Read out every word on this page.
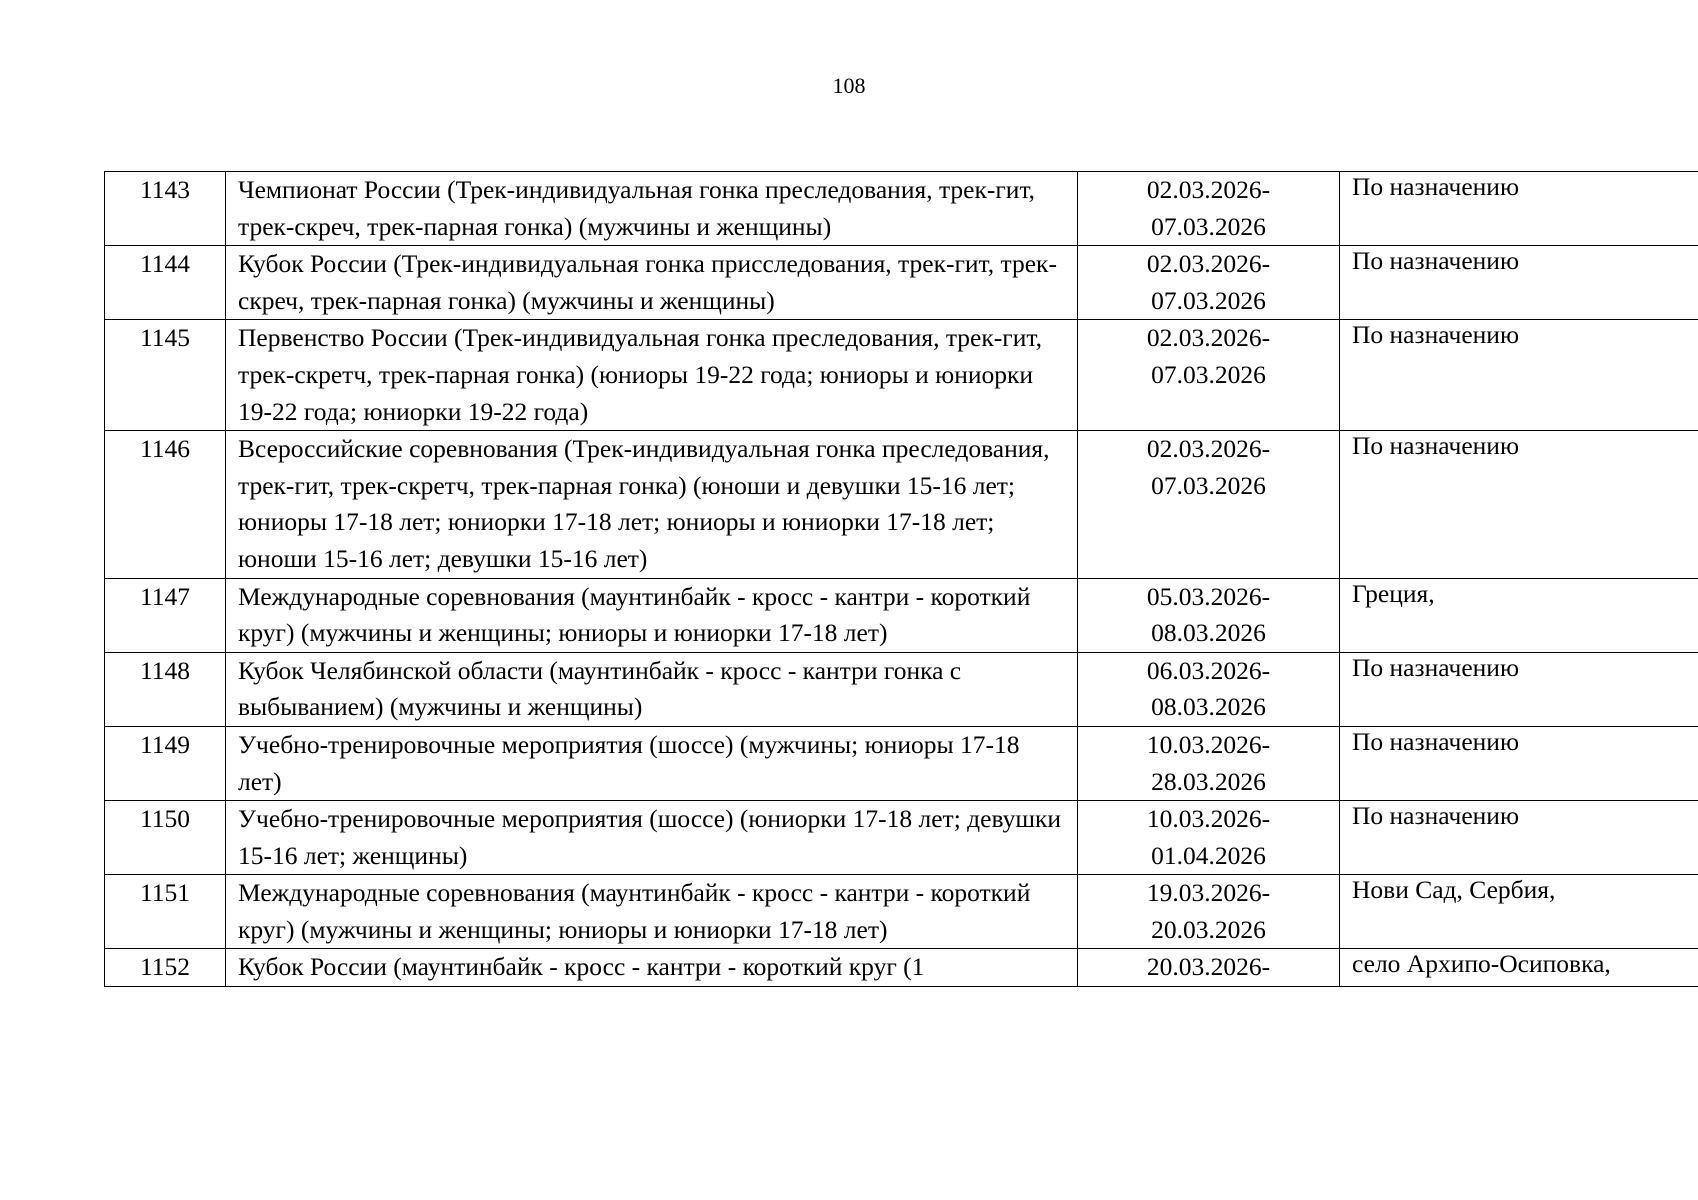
108
1143	Чемпионат России (Трек-индивидуальная гонка преследования, трек-гит, трек-скреч, трек-парная гонка) (мужчины и женщины)	02.03.2026-
07.03.2026	По назначению

1144	Кубок России (Трек-индивидуальная гонка присследования, трек-гит, трек-скреч, трек-парная гонка) (мужчины и женщины)	02.03.2026-
07.03.2026	По назначению

1145	Первенство России (Трек-индивидуальная гонка преследования, трек-гит, трек-скретч, трек-парная гонка) (юниоры 19-22 года; юниоры и юниорки 19-22 года; юниорки 19-22 года)	02.03.2026-
07.03.2026	По назначению

1146	Всероссийские соревнования (Трек-индивидуальная гонка преследования, трек-гит, трек-скретч, трек-парная гонка) (юноши и девушки 15-16 лет; юниоры 17-18 лет; юниорки 17-18 лет; юниоры и юниорки 17-18 лет; юноши 15-16 лет; девушки 15-16 лет)	02.03.2026-
07.03.2026	По назначению

1147	Международные соревнования (маунтинбайк - кросс - кантри - короткий круг) (мужчины и женщины; юниоры и юниорки 17-18 лет)	05.03.2026-
08.03.2026	Греция,

1148	Кубок Челябинской области (маунтинбайк - кросс - кантри гонка с выбыванием) (мужчины и женщины)	06.03.2026-
08.03.2026	По назначению

1149	Учебно-тренировочные мероприятия (шоссе) (мужчины; юниоры 17-18 лет)	10.03.2026-
28.03.2026	По назначению

1150	Учебно-тренировочные мероприятия (шоссе) (юниорки 17-18 лет; девушки 15-16 лет; женщины)	10.03.2026-
01.04.2026	По назначению

1151	Международные соревнования (маунтинбайк - кросс - кантри - короткий круг) (мужчины и женщины; юниоры и юниорки 17-18 лет)	19.03.2026-
20.03.2026	Нови Сад, Сербия,

1152	Кубок России (маунтинбайк - кросс - кантри - короткий круг (1	20.03.2026-	село Архипо-Осиповка,
